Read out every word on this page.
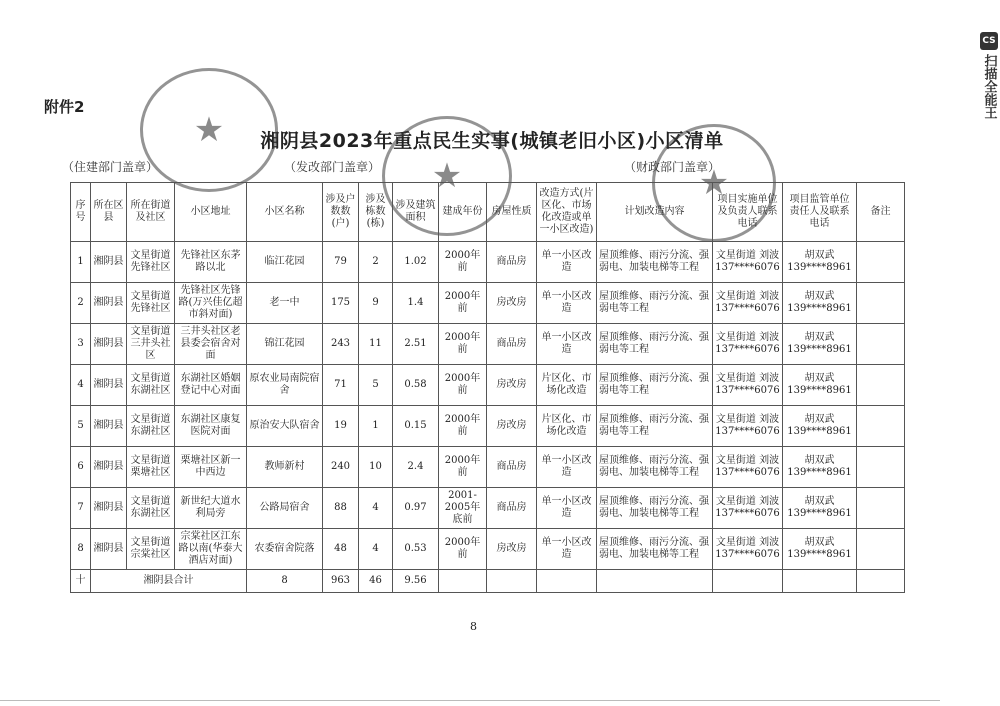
附件2
湘阴县2023年重点民生实事(城镇老旧小区)小区清单
★
★	★
（住建部门盖章）	（发改部门盖章）	（财政部门盖章）
序号	所在区县	所在街道及社区	小区地址	小区名称	涉及户数数(户)	涉及栋数(栋)	涉及建筑面积	建成年份	房屋性质	改造方式(片区化、市场化改造或单一小区改造)	计划改造内容	项目实施单位及负责人联系电话	项目监管单位责任人及联系电话	备注
1	湘阴县	文星街道先锋社区	先锋社区东茅路以北	临江花园	79	2	1.02	2000年前	商品房	单一小区改造	屋顶维修、雨污分流、强弱电、加装电梯等工程	文星街道 刘波 137****6076	胡双武 139****8961	
2	湘阴县	文星街道先锋社区	先锋社区先锋路(万兴佳亿超市斜对面)	老一中	175	9	1.4	2000年前	房改房	单一小区改造	屋顶维修、雨污分流、强弱电等工程	文星街道 刘波 137****6076	胡双武 139****8961	
3	湘阴县	文星街道三井头社区	三井头社区老县委会宿舍对面	锦江花园	243	11	2.51	2000年前	商品房	单一小区改造	屋顶维修、雨污分流、强弱电等工程	文星街道 刘波 137****6076	胡双武 139****8961	
4	湘阴县	文星街道东湖社区	东湖社区婚姻登记中心对面	原农业局南院宿舍	71	5	0.58	2000年前	房改房	片区化、市场化改造	屋顶维修、雨污分流、强弱电等工程	文星街道 刘波 137****6076	胡双武 139****8961	
5	湘阴县	文星街道东湖社区	东湖社区康复医院对面	原治安大队宿舍	19	1	0.15	2000年前	房改房	片区化、市场化改造	屋顶维修、雨污分流、强弱电等工程	文星街道 刘波 137****6076	胡双武 139****8961	
6	湘阴县	文星街道栗塘社区	栗塘社区新一中西边	教师新村	240	10	2.4	2000年前	商品房	单一小区改造	屋顶维修、雨污分流、强弱电、加装电梯等工程	文星街道 刘波 137****6076	胡双武 139****8961	
7	湘阴县	文星街道东湖社区	新世纪大道水利局旁	公路局宿舍	88	4	0.97	2001-2005年底前	商品房	单一小区改造	屋顶维修、雨污分流、强弱电、加装电梯等工程	文星街道 刘波 137****6076	胡双武 139****8961	
8	湘阴县	文星街道宗棠社区	宗棠社区江东路以南(华泰大酒店对面)	农委宿舍院落	48	4	0.53	2000年前	房改房	单一小区改造	屋顶维修、雨污分流、强弱电、加装电梯等工程	文星街道 刘波 137****6076	胡双武 139****8961	
十	湘阴县合计			8	963	46	9.56							
8
CS
扫描全能王
